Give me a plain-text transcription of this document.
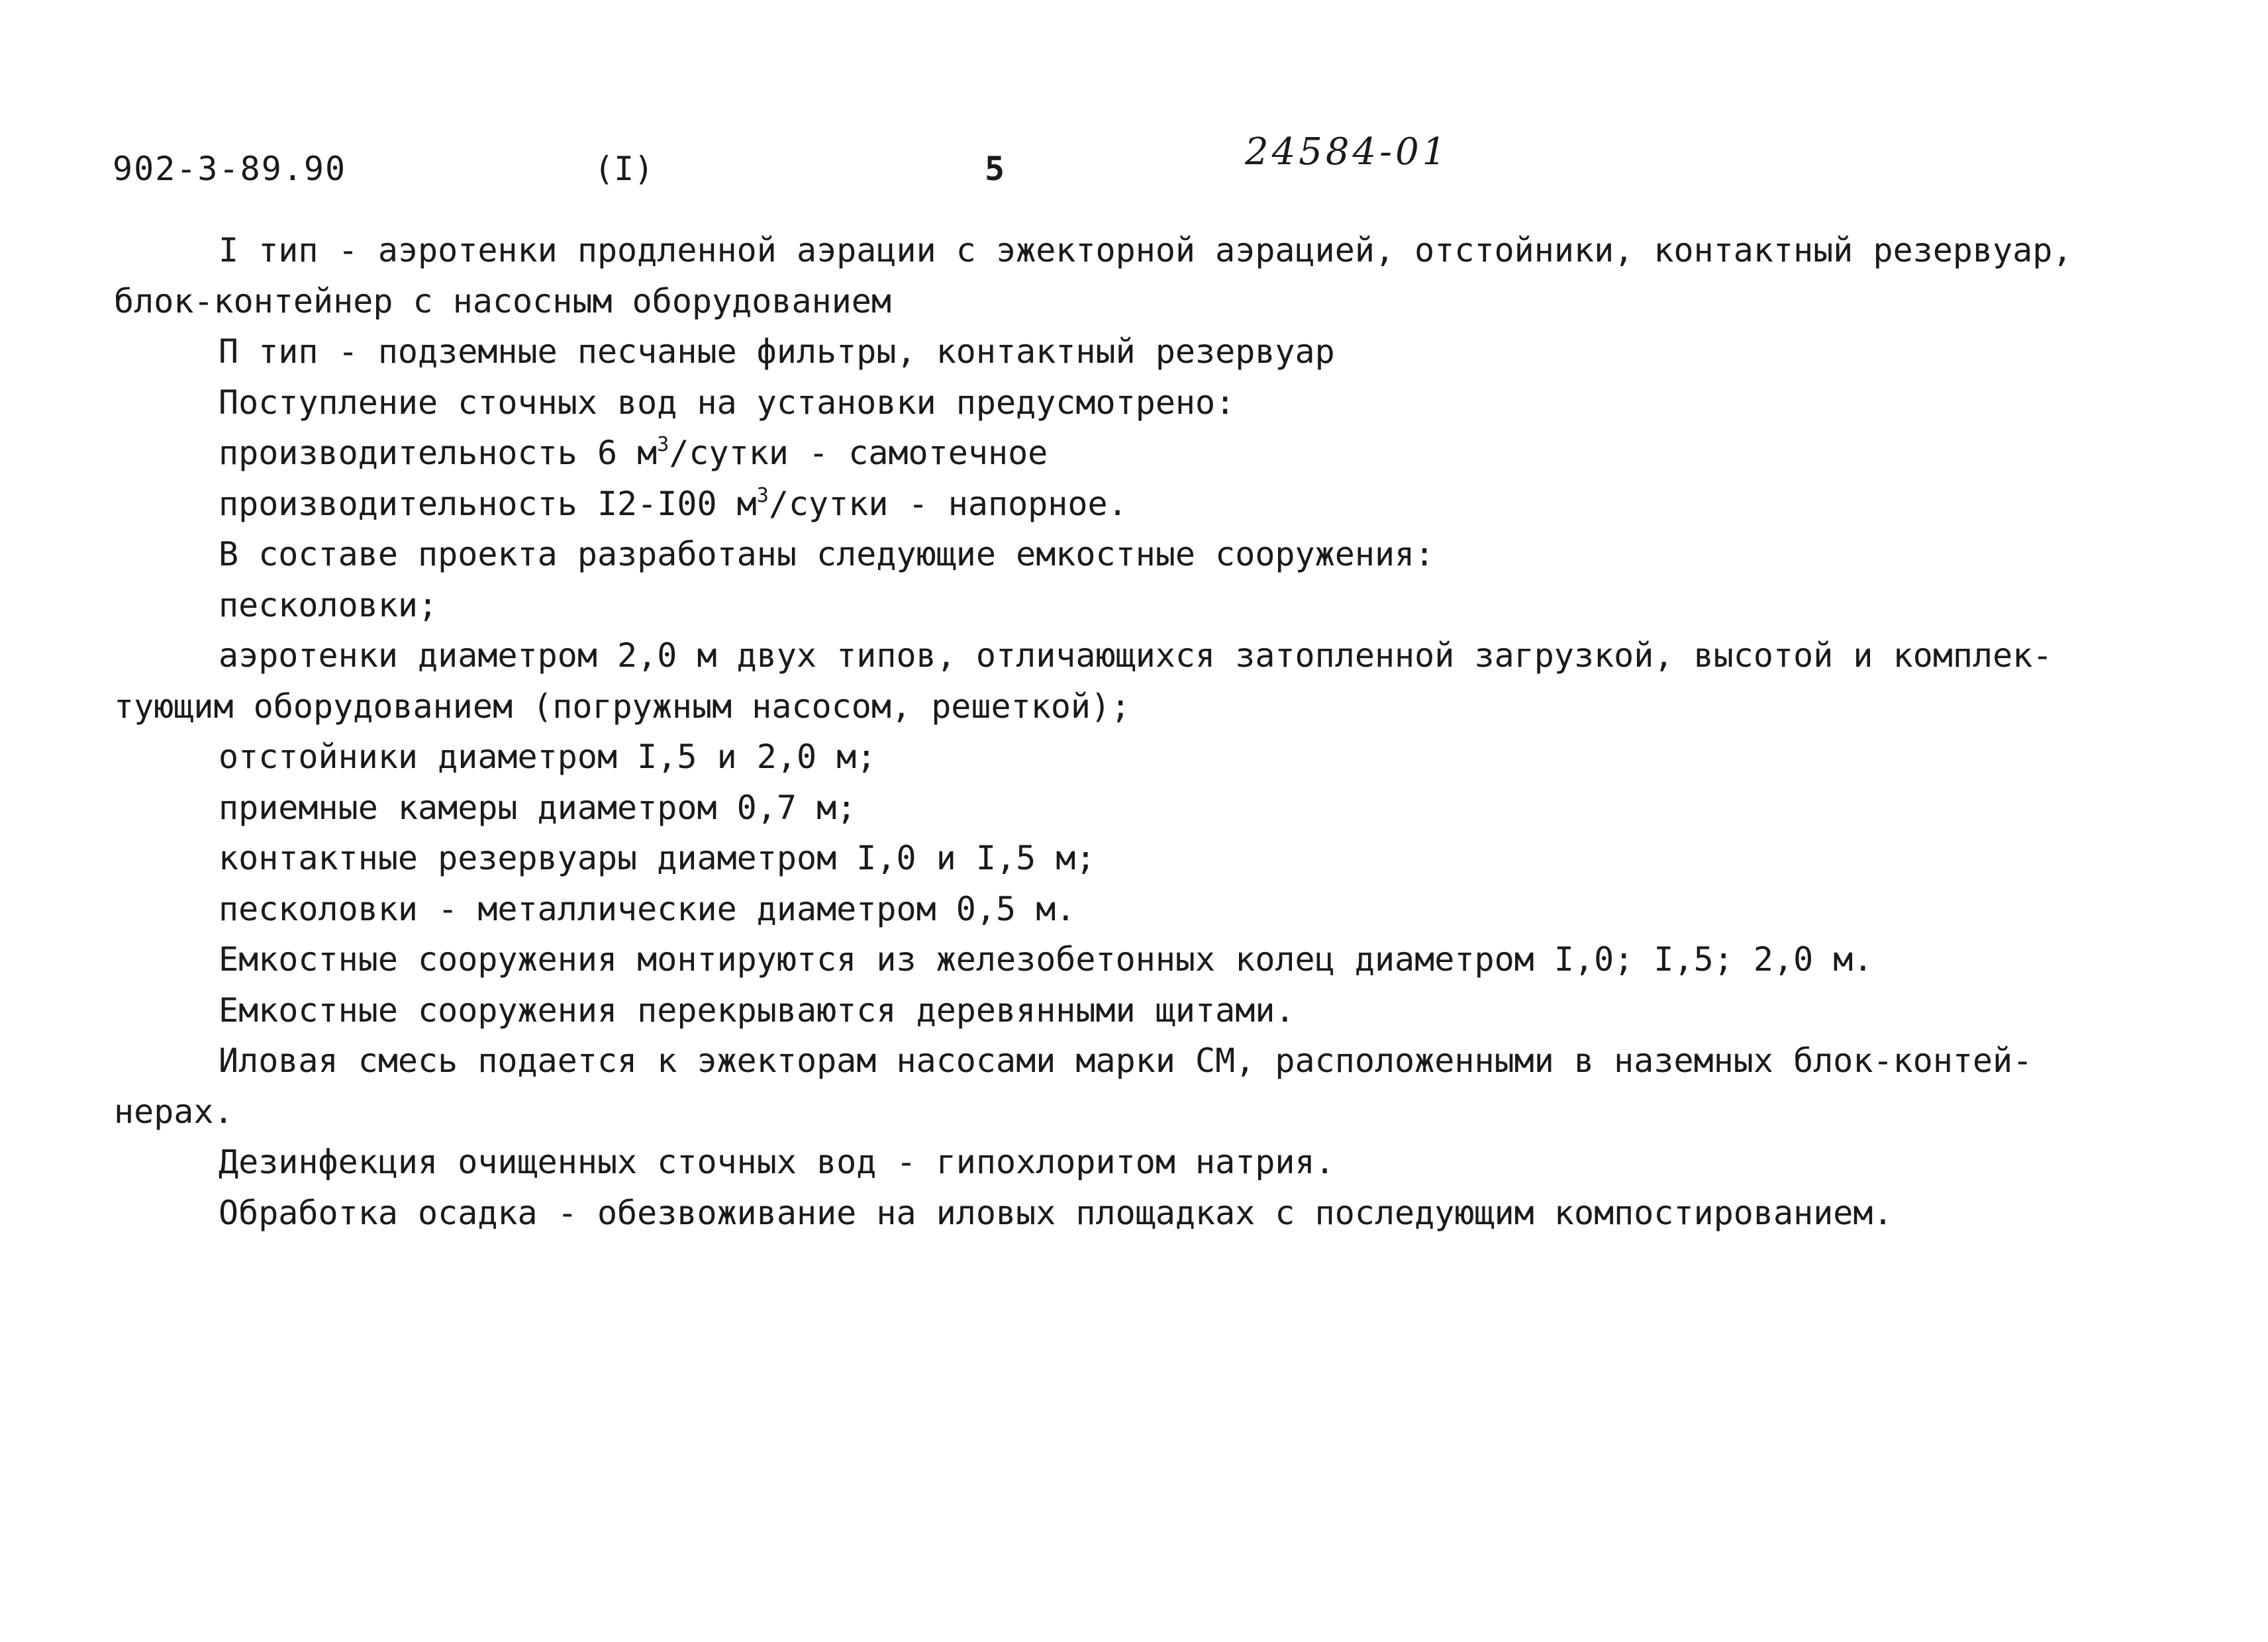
902-3-89.90	(I)	5	24584-01
I тип - аэротенки продленной аэрации с эжекторной аэрацией, отстойники, контактный резервуар,
блок-контейнер с насосным оборудованием
П тип - подземные песчаные фильтры, контактный резервуар
Поступление сточных вод на установки предусмотрено:
производительность 6 $м^3$/сутки - самотечное
производительность I2-I00 $м^3$/сутки - напорное.
В составе проекта разработаны следующие емкостные сооружения:
песколовки;
аэротенки диаметром 2,0 м двух типов, отличающихся затопленной загрузкой, высотой и комплек-
тующим оборудованием (погружным насосом, решеткой);
отстойники диаметром I,5 и 2,0 м;
приемные камеры диаметром 0,7 м;
контактные резервуары диаметром I,0 и I,5 м;
песколовки - металлические диаметром 0,5 м.
Емкостные сооружения монтируются из железобетонных колец диаметром I,0; I,5; 2,0 м.
Емкостные сооружения перекрываются деревянными щитами.
Иловая смесь подается к эжекторам насосами марки СМ, расположенными в наземных блок-контей-
нерах.
Дезинфекция очищенных сточных вод - гипохлоритом натрия.
Обработка осадка - обезвоживание на иловых площадках с последующим компостированием.
